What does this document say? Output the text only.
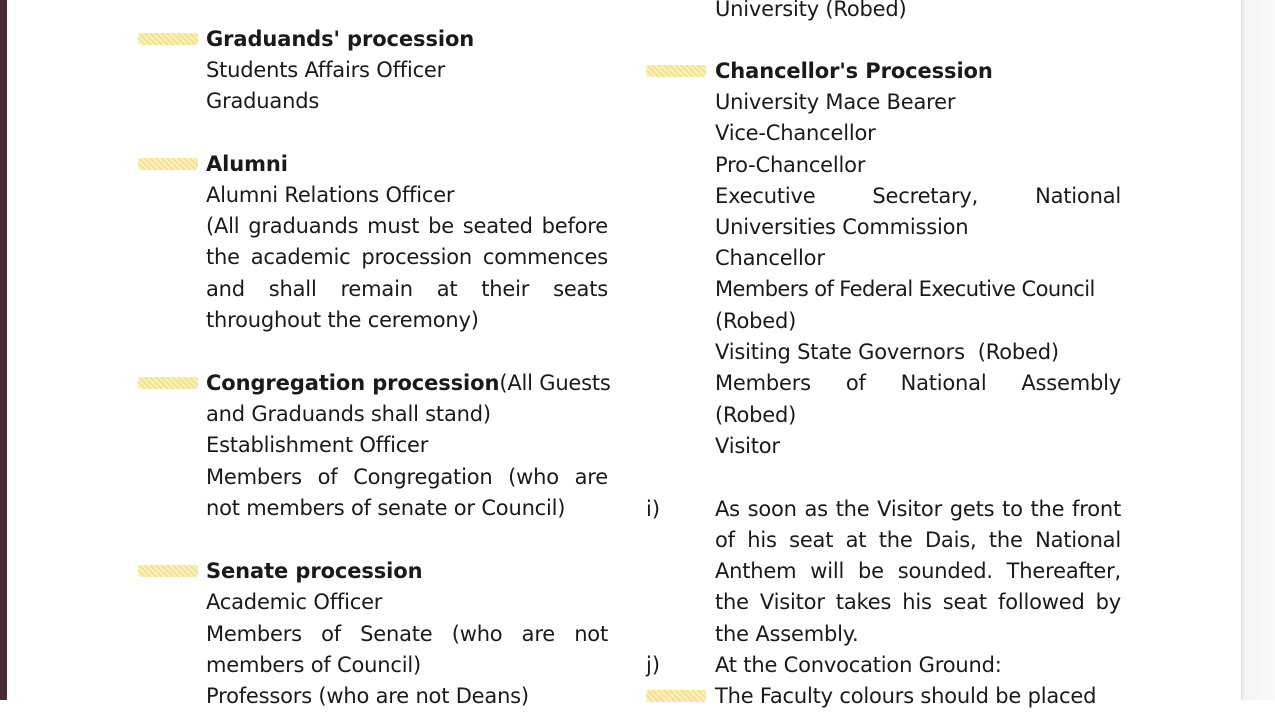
Graduands' procession
Students Affairs Officer
Graduands
Alumni
Alumni Relations Officer
(All graduands must be seated before
the academic procession commences
and shall remain at their seats
throughout the ceremony)
Congregation procession (All Guests
and Graduands shall stand)
Establishment Officer
Members of Congregation (who are
not members of senate or Council)
Senate procession
Academic Officer
Members of Senate (who are not
members of Council)
Professors (who are not Deans)
University (Robed)
Chancellor's Procession
University Mace Bearer
Vice-Chancellor
Pro-Chancellor
Executive Secretary, National
Universities Commission
Chancellor
Members of Federal Executive Council
(Robed)
Visiting State Governors  (Robed)
Members of National Assembly
(Robed)
Visitor
i)	As soon as the Visitor gets to the front
of his seat at the Dais, the National
Anthem will be sounded. Thereafter,
the Visitor takes his seat followed by
the Assembly.
j)	At the Convocation Ground:
The Faculty colours should be placed
